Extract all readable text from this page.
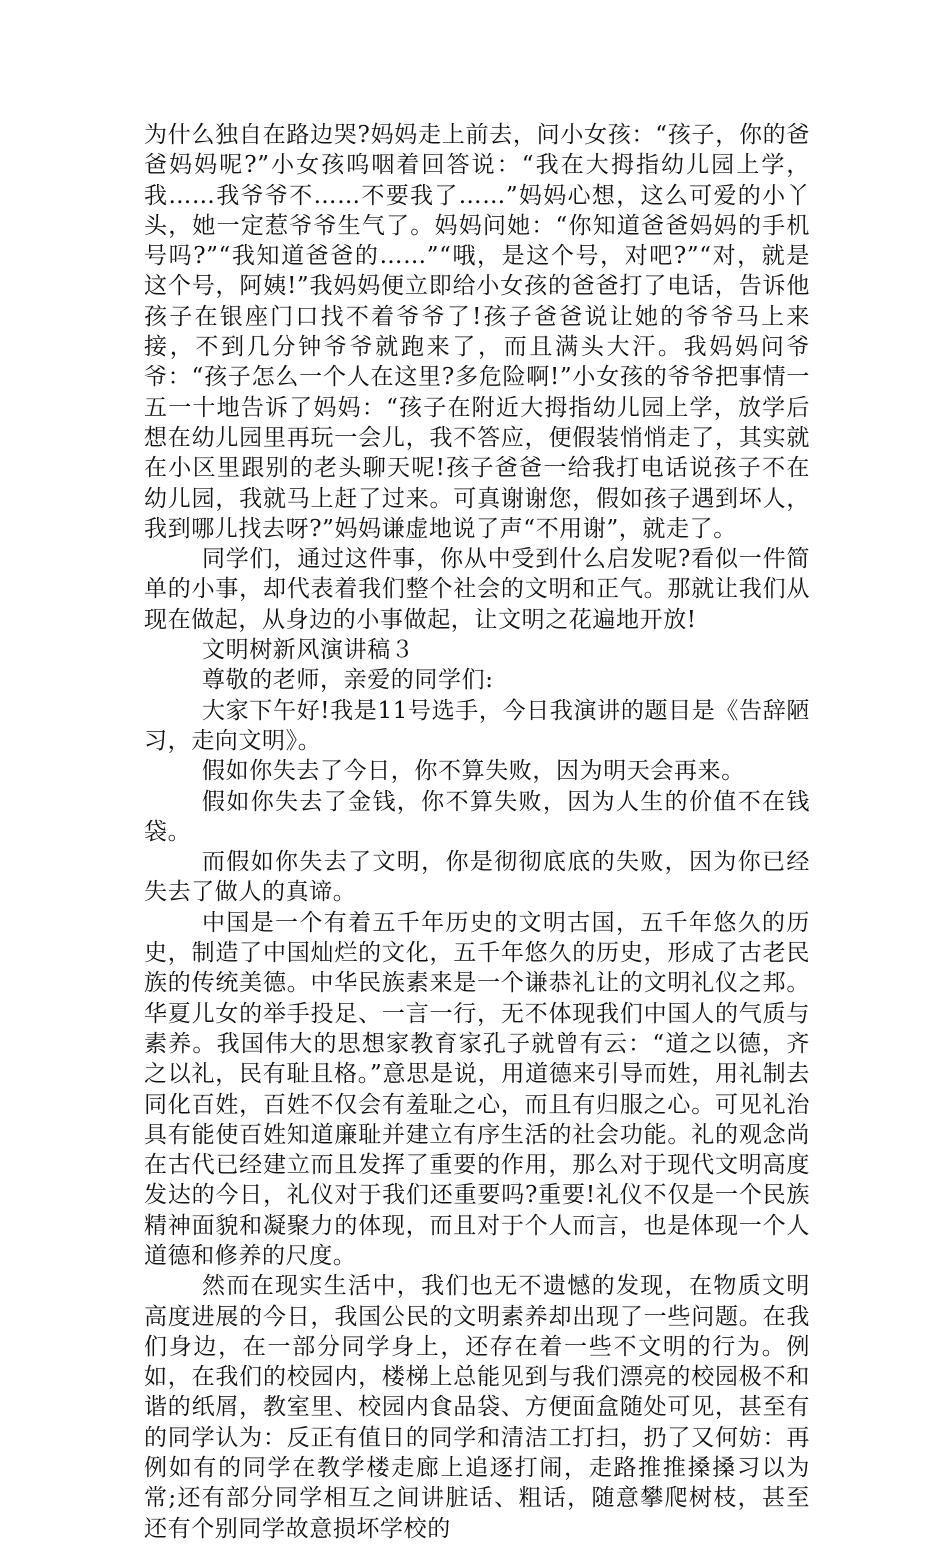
为什么独自在路边哭?妈妈走上前去，问小女孩：“孩子，你的爸爸妈妈呢?”小女孩呜咽着回答说：“我在大拇指幼儿园上学，我……我爷爷不……不要我了……”妈妈心想，这么可爱的小丫头，她一定惹爷爷生气了。妈妈问她：“你知道爸爸妈妈的手机号吗?”“我知道爸爸的……”“哦，是这个号，对吧?”“对，就是这个号，阿姨!”我妈妈便立即给小女孩的爸爸打了电话，告诉他孩子在银座门口找不着爷爷了!孩子爸爸说让她的爷爷马上来接，不到几分钟爷爷就跑来了，而且满头大汗。我妈妈问爷爷：“孩子怎么一个人在这里?多危险啊!”小女孩的爷爷把事情一五一十地告诉了妈妈：“孩子在附近大拇指幼儿园上学，放学后想在幼儿园里再玩一会儿，我不答应，便假装悄悄走了，其实就在小区里跟别的老头聊天呢!孩子爸爸一给我打电话说孩子不在幼儿园，我就马上赶了过来。可真谢谢您，假如孩子遇到坏人，我到哪儿找去呀?”妈妈谦虚地说了声“不用谢”，就走了。

同学们，通过这件事，你从中受到什么启发呢?看似一件简单的小事，却代表着我们整个社会的文明和正气。那就让我们从现在做起，从身边的小事做起，让文明之花遍地开放!

文明树新风演讲稿３

尊敬的老师，亲爱的同学们:

大家下午好!我是11号选手，今日我演讲的题目是《告辞陋习，走向文明》。

假如你失去了今日，你不算失败，因为明天会再来。

假如你失去了金钱，你不算失败，因为人生的价值不在钱袋。

而假如你失去了文明，你是彻彻底底的失败，因为你已经失去了做人的真谛。

中国是一个有着五千年历史的文明古国，五千年悠久的历史，制造了中国灿烂的文化，五千年悠久的历史，形成了古老民族的传统美德。中华民族素来是一个谦恭礼让的文明礼仪之邦。华夏儿女的举手投足、一言一行，无不体现我们中国人的气质与素养。我国伟大的思想家教育家孔子就曾有云：“道之以德，齐之以礼，民有耻且格。”意思是说，用道德来引导而姓，用礼制去同化百姓，百姓不仅会有羞耻之心，而且有归服之心。可见礼治具有能使百姓知道廉耻并建立有序生活的社会功能。礼的观念尚在古代已经建立而且发挥了重要的作用，那么对于现代文明高度发达的今日，礼仪对于我们还重要吗?重要!礼仪不仅是一个民族精神面貌和凝聚力的体现，而且对于个人而言，也是体现一个人道德和修养的尺度。

然而在现实生活中，我们也无不遗憾的发现，在物质文明高度进展的今日，我国公民的文明素养却出现了一些问题。在我们身边，在一部分同学身上，还存在着一些不文明的行为。例如，在我们的校园内，楼梯上总能见到与我们漂亮的校园极不和谐的纸屑，教室里、校园内食品袋、方便面盒随处可见，甚至有的同学认为：反正有值日的同学和清洁工打扫，扔了又何妨：再例如有的同学在教学楼走廊上追逐打闹，走路推推搡搡习以为常;还有部分同学相互之间讲脏话、粗话，随意攀爬树枝，甚至还有个别同学故意损坏学校的
